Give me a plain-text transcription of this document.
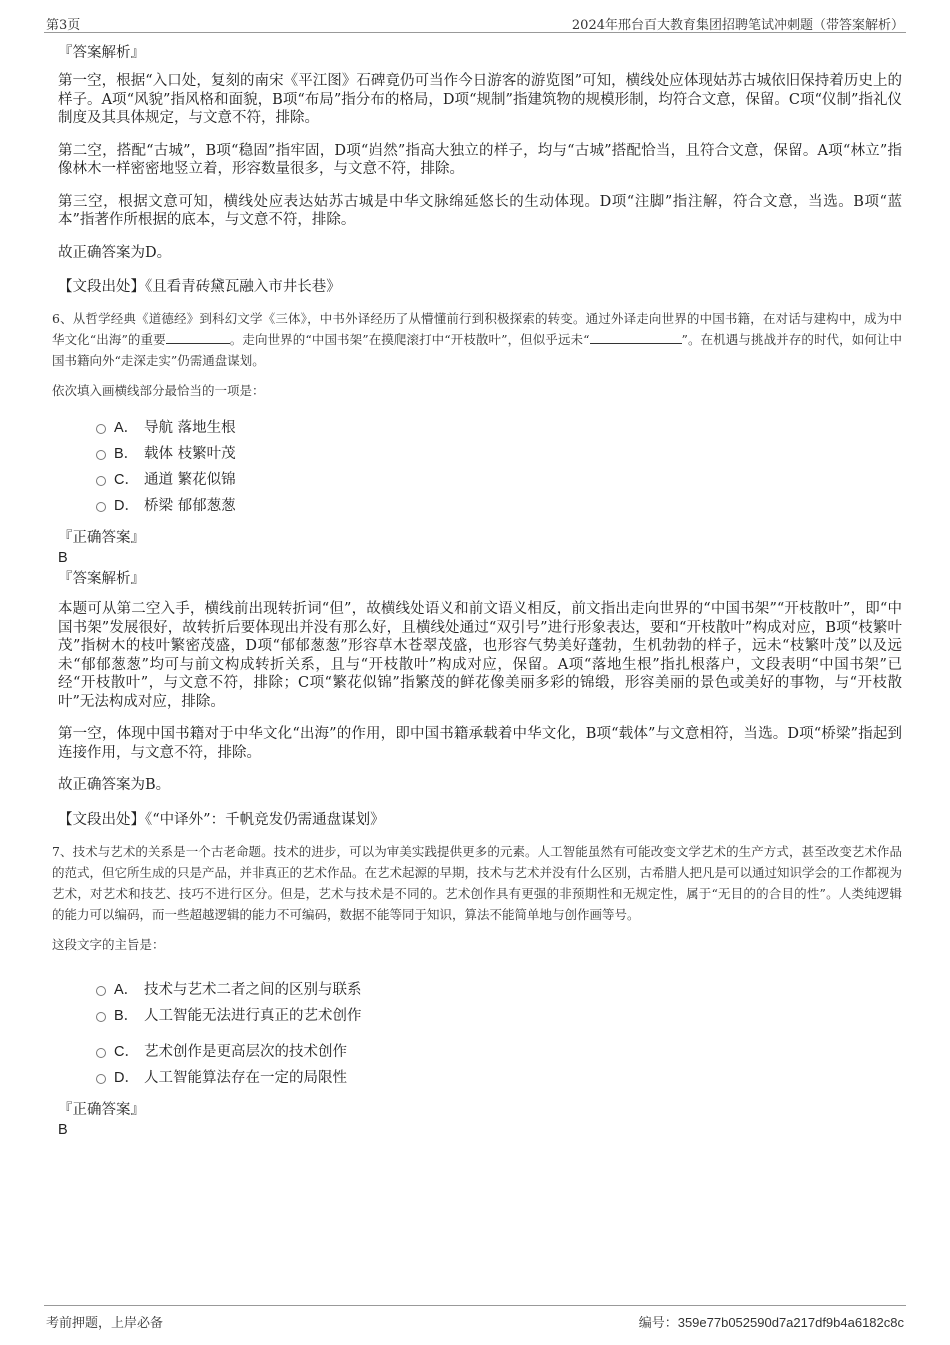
第3页	2024年邢台百大教育集团招聘笔试冲刺题（带答案解析）
『答案解析』

第一空，根据“入口处，复刻的南宋《平江图》石碑竟仍可当作今日游客的游览图”可知，横线处应体现姑苏古城依旧保持着历史上的样子。A项“风貌”指风格和面貌，B项“布局”指分布的格局，D项“规制”指建筑物的规模形制，均符合文意，保留。C项“仪制”指礼仪制度及其具体规定，与文意不符，排除。

第二空，搭配“古城”，B项“稳固”指牢固，D项“岿然”指高大独立的样子，均与“古城”搭配恰当，且符合文意，保留。A项“林立”指像林木一样密密地竖立着，形容数量很多，与文意不符，排除。

第三空，根据文意可知，横线处应表达姑苏古城是中华文脉绵延悠长的生动体现。D项“注脚”指注解，符合文意，当选。B项“蓝本”指著作所根据的底本，与文意不符，排除。

故正确答案为D。

【文段出处】《且看青砖黛瓦融入市井长巷》
6、从哲学经典《道德经》到科幻文学《三体》，中书外译经历了从懵懂前行到积极探索的转变。通过外译走向世界的中国书籍，在对话与建构中，成为中华文化“出海”的重要	。走向世界的“中国书架”在摸爬滚打中“开枝散叶”，但似乎远未“	”。在机遇与挑战并存的时代，如何让中国书籍向外“走深走实”仍需通盘谋划。
依次填入画横线部分最恰当的一项是：
A． 导航 落地生根
B． 载体 枝繁叶茂
C． 通道 繁花似锦
D． 桥梁 郁郁葱葱
『正确答案』
B
『答案解析』

本题可从第二空入手，横线前出现转折词“但”，故横线处语义和前文语义相反，前文指出走向世界的“中国书架”“开枝散叶”，即“中国书架”发展很好，故转折后要体现出并没有那么好，且横线处通过“双引号”进行形象表达，要和“开枝散叶”构成对应，B项“枝繁叶茂”指树木的枝叶繁密茂盛，D项“郁郁葱葱”形容草木苍翠茂盛，也形容气势美好蓬勃，生机勃勃的样子，远未“枝繁叶茂”以及远未“郁郁葱葱”均可与前文构成转折关系，且与“开枝散叶”构成对应，保留。A项“落地生根”指扎根落户，文段表明“中国书架”已经“开枝散叶”，与文意不符，排除；C项“繁花似锦”指繁茂的鲜花像美丽多彩的锦缎，形容美丽的景色或美好的事物，与“开枝散叶”无法构成对应，排除。

第一空，体现中国书籍对于中华文化“出海”的作用，即中国书籍承载着中华文化，B项“载体”与文意相符，当选。D项“桥梁”指起到连接作用，与文意不符，排除。

故正确答案为B。

【文段出处】《“中译外”：千帆竞发仍需通盘谋划》
7、技术与艺术的关系是一个古老命题。技术的进步，可以为审美实践提供更多的元素。人工智能虽然有可能改变文学艺术的生产方式，甚至改变艺术作品的范式，但它所生成的只是产品，并非真正的艺术作品。在艺术起源的早期，技术与艺术并没有什么区别，古希腊人把凡是可以通过知识学会的工作都视为艺术，对艺术和技艺、技巧不进行区分。但是，艺术与技术是不同的。艺术创作具有更强的非预期性和无规定性，属于“无目的的合目的性”。人类纯逻辑的能力可以编码，而一些超越逻辑的能力不可编码，数据不能等同于知识，算法不能简单地与创作画等号。
这段文字的主旨是：
A． 技术与艺术二者之间的区别与联系
B． 人工智能无法进行真正的艺术创作
C． 艺术创作是更高层次的技术创作
D． 人工智能算法存在一定的局限性
『正确答案』
B
考前押题，上岸必备	编号：359e77b052590d7a217df9b4a6182c8c
